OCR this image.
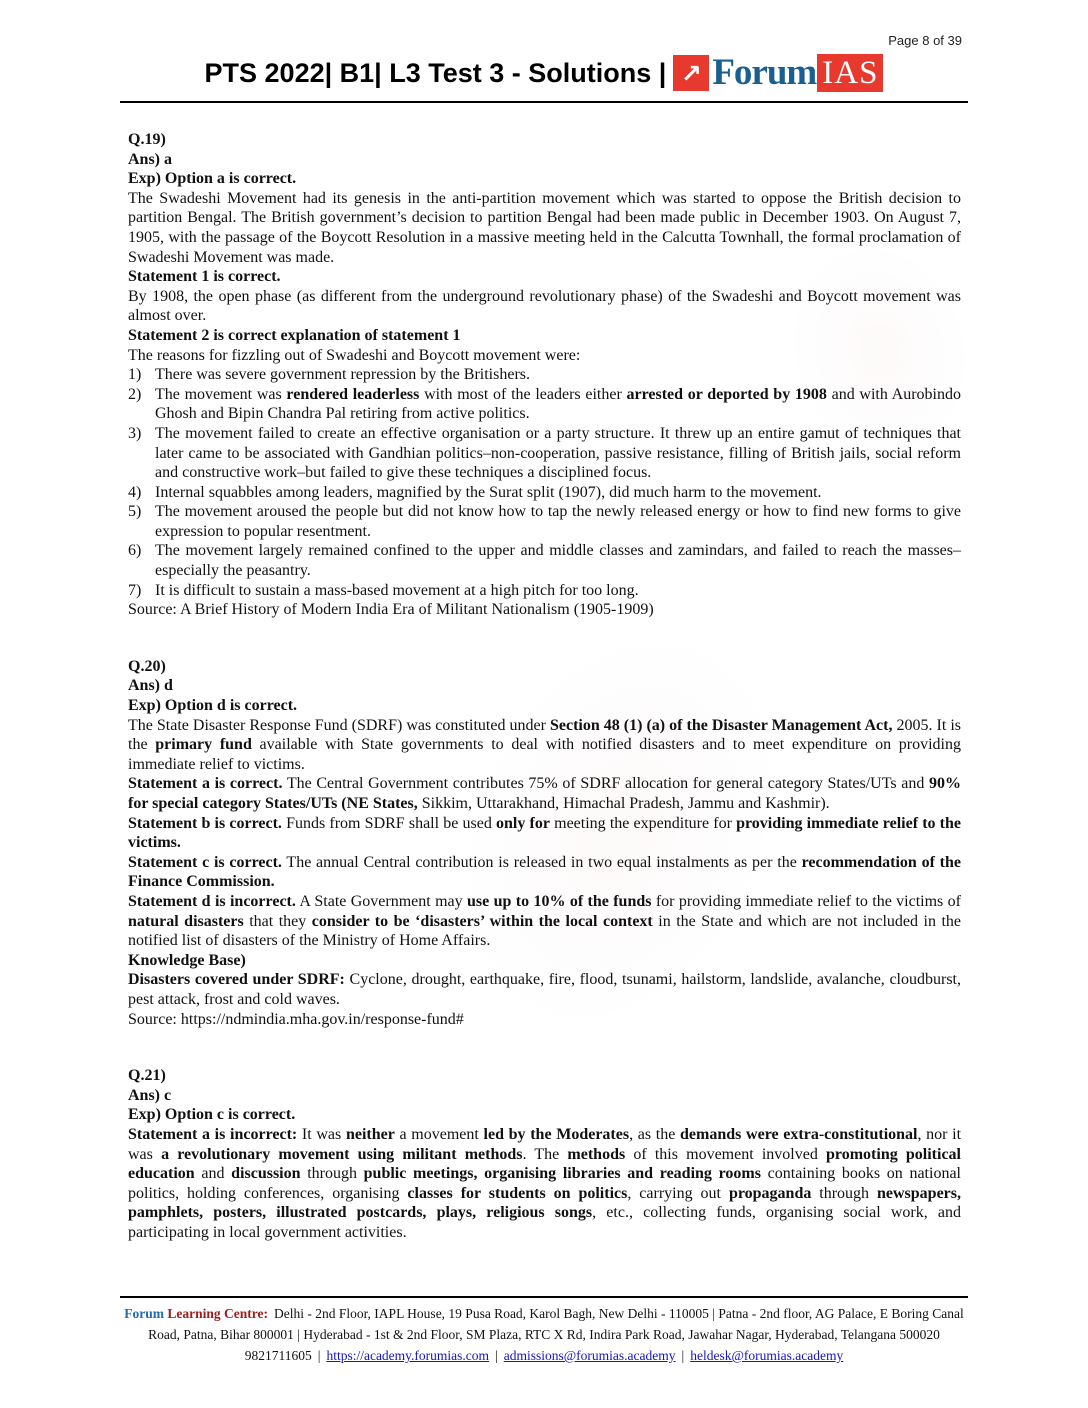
Page 8 of 39
PTS 2022| B1| L3 Test 3 - Solutions | ↗ Forum IAS
Q.19)
Ans) a
Exp) Option a is correct.
The Swadeshi Movement had its genesis in the anti-partition movement which was started to oppose the British decision to partition Bengal. The British government’s decision to partition Bengal had been made public in December 1903. On August 7, 1905, with the passage of the Boycott Resolution in a massive meeting held in the Calcutta Townhall, the formal proclamation of Swadeshi Movement was made.
Statement 1 is correct.
By 1908, the open phase (as different from the underground revolutionary phase) of the Swadeshi and Boycott movement was almost over.
Statement 2 is correct explanation of statement 1
The reasons for fizzling out of Swadeshi and Boycott movement were:
1) There was severe government repression by the Britishers.
2) The movement was rendered leaderless with most of the leaders either arrested or deported by 1908 and with Aurobindo Ghosh and Bipin Chandra Pal retiring from active politics.
3) The movement failed to create an effective organisation or a party structure. It threw up an entire gamut of techniques that later came to be associated with Gandhian politics–non-cooperation, passive resistance, filling of British jails, social reform and constructive work–but failed to give these techniques a disciplined focus.
4) Internal squabbles among leaders, magnified by the Surat split (1907), did much harm to the movement.
5) The movement aroused the people but did not know how to tap the newly released energy or how to find new forms to give expression to popular resentment.
6) The movement largely remained confined to the upper and middle classes and zamindars, and failed to reach the masses–especially the peasantry.
7) It is difficult to sustain a mass-based movement at a high pitch for too long.
Source: A Brief History of Modern India Era of Militant Nationalism (1905-1909)
Q.20)
Ans) d
Exp) Option d is correct.
The State Disaster Response Fund (SDRF) was constituted under Section 48 (1) (a) of the Disaster Management Act, 2005. It is the primary fund available with State governments to deal with notified disasters and to meet expenditure on providing immediate relief to victims.
Statement a is correct. The Central Government contributes 75% of SDRF allocation for general category States/UTs and 90% for special category States/UTs (NE States, Sikkim, Uttarakhand, Himachal Pradesh, Jammu and Kashmir).
Statement b is correct. Funds from SDRF shall be used only for meeting the expenditure for providing immediate relief to the victims.
Statement c is correct. The annual Central contribution is released in two equal instalments as per the recommendation of the Finance Commission.
Statement d is incorrect. A State Government may use up to 10% of the funds for providing immediate relief to the victims of natural disasters that they consider to be ‘disasters’ within the local context in the State and which are not included in the notified list of disasters of the Ministry of Home Affairs.
Knowledge Base)
Disasters covered under SDRF: Cyclone, drought, earthquake, fire, flood, tsunami, hailstorm, landslide, avalanche, cloudburst, pest attack, frost and cold waves.
Source: https://ndmindia.mha.gov.in/response-fund#
Q.21)
Ans) c
Exp) Option c is correct.
Statement a is incorrect: It was neither a movement led by the Moderates, as the demands were extra-constitutional, nor it was a revolutionary movement using militant methods. The methods of this movement involved promoting political education and discussion through public meetings, organising libraries and reading rooms containing books on national politics, holding conferences, organising classes for students on politics, carrying out propaganda through newspapers, pamphlets, posters, illustrated postcards, plays, religious songs, etc., collecting funds, organising social work, and participating in local government activities.
Forum Learning Centre: Delhi - 2nd Floor, IAPL House, 19 Pusa Road, Karol Bagh, New Delhi - 110005 | Patna - 2nd floor, AG Palace, E Boring Canal
Road, Patna, Bihar 800001 | Hyderabad - 1st & 2nd Floor, SM Plaza, RTC X Rd, Indira Park Road, Jawahar Nagar, Hyderabad, Telangana 500020
9821711605 | https://academy.forumias.com | admissions@forumias.academy | heldesk@forumias.academy
